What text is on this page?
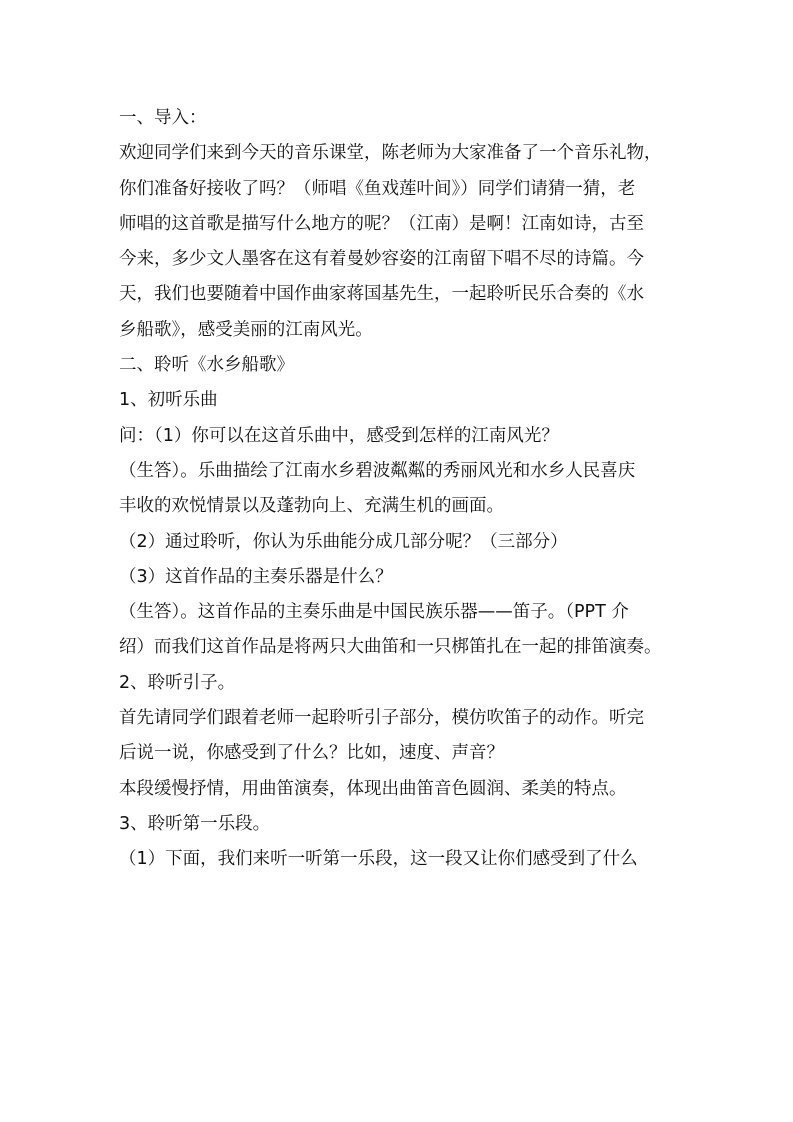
一、导入：
欢迎同学们来到今天的音乐课堂，陈老师为大家准备了一个音乐礼物，
你们准备好接收了吗？（师唱《鱼戏莲叶间》）同学们请猜一猜，老
师唱的这首歌是描写什么地方的呢？（江南）是啊！江南如诗，古至
今来，多少文人墨客在这有着曼妙容姿的江南留下唱不尽的诗篇。今
天，我们也要随着中国作曲家蒋国基先生，一起聆听民乐合奏的《水
乡船歌》，感受美丽的江南风光。
二、聆听《水乡船歌》
1、初听乐曲
问：（1）你可以在这首乐曲中，感受到怎样的江南风光？
（生答）。乐曲描绘了江南水乡碧波粼粼的秀丽风光和水乡人民喜庆
丰收的欢悦情景以及蓬勃向上、充满生机的画面。
（2）通过聆听，你认为乐曲能分成几部分呢？（三部分）
（3）这首作品的主奏乐器是什么？
（生答）。这首作品的主奏乐曲是中国民族乐器——笛子。（PPT 介
绍）而我们这首作品是将两只大曲笛和一只梆笛扎在一起的排笛演奏。
2、聆听引子。
首先请同学们跟着老师一起聆听引子部分，模仿吹笛子的动作。听完
后说一说，你感受到了什么？比如，速度、声音？
本段缓慢抒情，用曲笛演奏，体现出曲笛音色圆润、柔美的特点。
3、聆听第一乐段。
（1）下面，我们来听一听第一乐段，这一段又让你们感受到了什么
